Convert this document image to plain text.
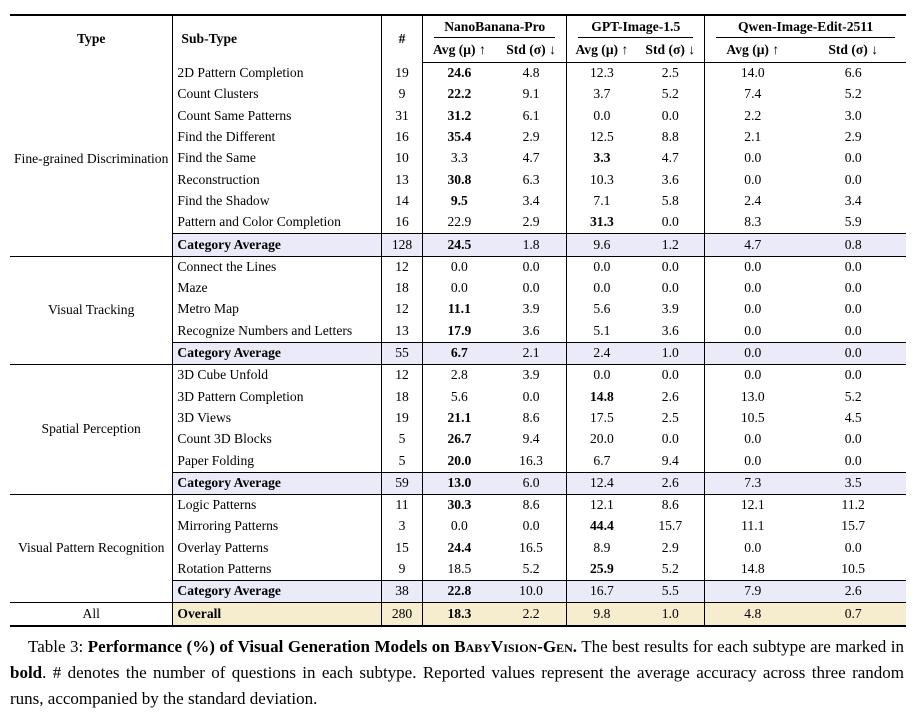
Type	Sub-Type	#	NanoBanana-Pro		GPT-Image-1.5		Qwen-Image-Edit-2511	

			Avg (μ) ↑	Std (σ) ↓	Avg (μ) ↑	Std (σ) ↓	Avg (μ) ↑	Std (σ) ↓
Fine-grained Discrimination	2D Pattern Completion	19	24.6	4.8	12.3	2.5	14.0	6.6
	Count Clusters	9	22.2	9.1	3.7	5.2	7.4	5.2
	Count Same Patterns	31	31.2	6.1	0.0	0.0	2.2	3.0
	Find the Different	16	35.4	2.9	12.5	8.8	2.1	2.9
	Find the Same	10	3.3	4.7	3.3	4.7	0.0	0.0
	Reconstruction	13	30.8	6.3	10.3	3.6	0.0	0.0
	Find the Shadow	14	9.5	3.4	7.1	5.8	2.4	3.4
	Pattern and Color Completion	16	22.9	2.9	31.3	0.0	8.3	5.9
	Category Average	128	24.5	1.8	9.6	1.2	4.7	0.8
Visual Tracking	Connect the Lines	12	0.0	0.0	0.0	0.0	0.0	0.0
	Maze	18	0.0	0.0	0.0	0.0	0.0	0.0
	Metro Map	12	11.1	3.9	5.6	3.9	0.0	0.0
	Recognize Numbers and Letters	13	17.9	3.6	5.1	3.6	0.0	0.0
	Category Average	55	6.7	2.1	2.4	1.0	0.0	0.0
Spatial Perception	3D Cube Unfold	12	2.8	3.9	0.0	0.0	0.0	0.0
	3D Pattern Completion	18	5.6	0.0	14.8	2.6	13.0	5.2
	3D Views	19	21.1	8.6	17.5	2.5	10.5	4.5
	Count 3D Blocks	5	26.7	9.4	20.0	0.0	0.0	0.0
	Paper Folding	5	20.0	16.3	6.7	9.4	0.0	0.0
	Category Average	59	13.0	6.0	12.4	2.6	7.3	3.5
Visual Pattern Recognition	Logic Patterns	11	30.3	8.6	12.1	8.6	12.1	11.2
	Mirroring Patterns	3	0.0	0.0	44.4	15.7	11.1	15.7
	Overlay Patterns	15	24.4	16.5	8.9	2.9	0.0	0.0
	Rotation Patterns	9	18.5	5.2	25.9	5.2	14.8	10.5
	Category Average	38	22.8	10.0	16.7	5.5	7.9	2.6
All	Overall	280	18.3	2.2	9.8	1.0	4.8	0.7

Table 3: Performance (%) of Visual Generation Models on BabyVision-Gen. The best results for each subtype are marked in bold. # denotes the number of questions in each subtype. Reported values represent the average accuracy across three random runs, accompanied by the standard deviation.
